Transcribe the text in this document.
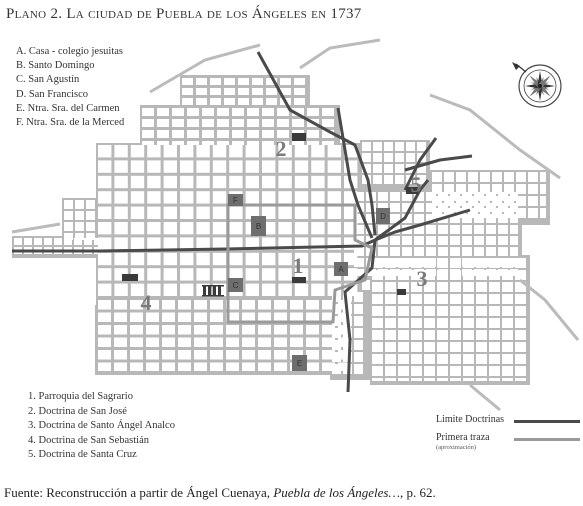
Plano 2. La ciudad de Puebla de los Ángeles en 1737
A
B
C
D
E
F
1
2
3
4
5
A. Casa - colegio jesuitas
B. Santo Domingo
C. San Agustín
D. San Francisco
E. Ntra. Sra. del Carmen
F. Ntra. Sra. de la Merced
1. Parroquia del Sagrario
2. Doctrina de San José
3. Doctrina de Santo Ángel Analco
4. Doctrina de San Sebastián
5. Doctrina de Santa Cruz
Limite Doctrinas
Primera traza
(aproximación)
Fuente: Reconstrucción a partir de Ángel Cuenaya, Puebla de los Ángeles…, p. 62.
